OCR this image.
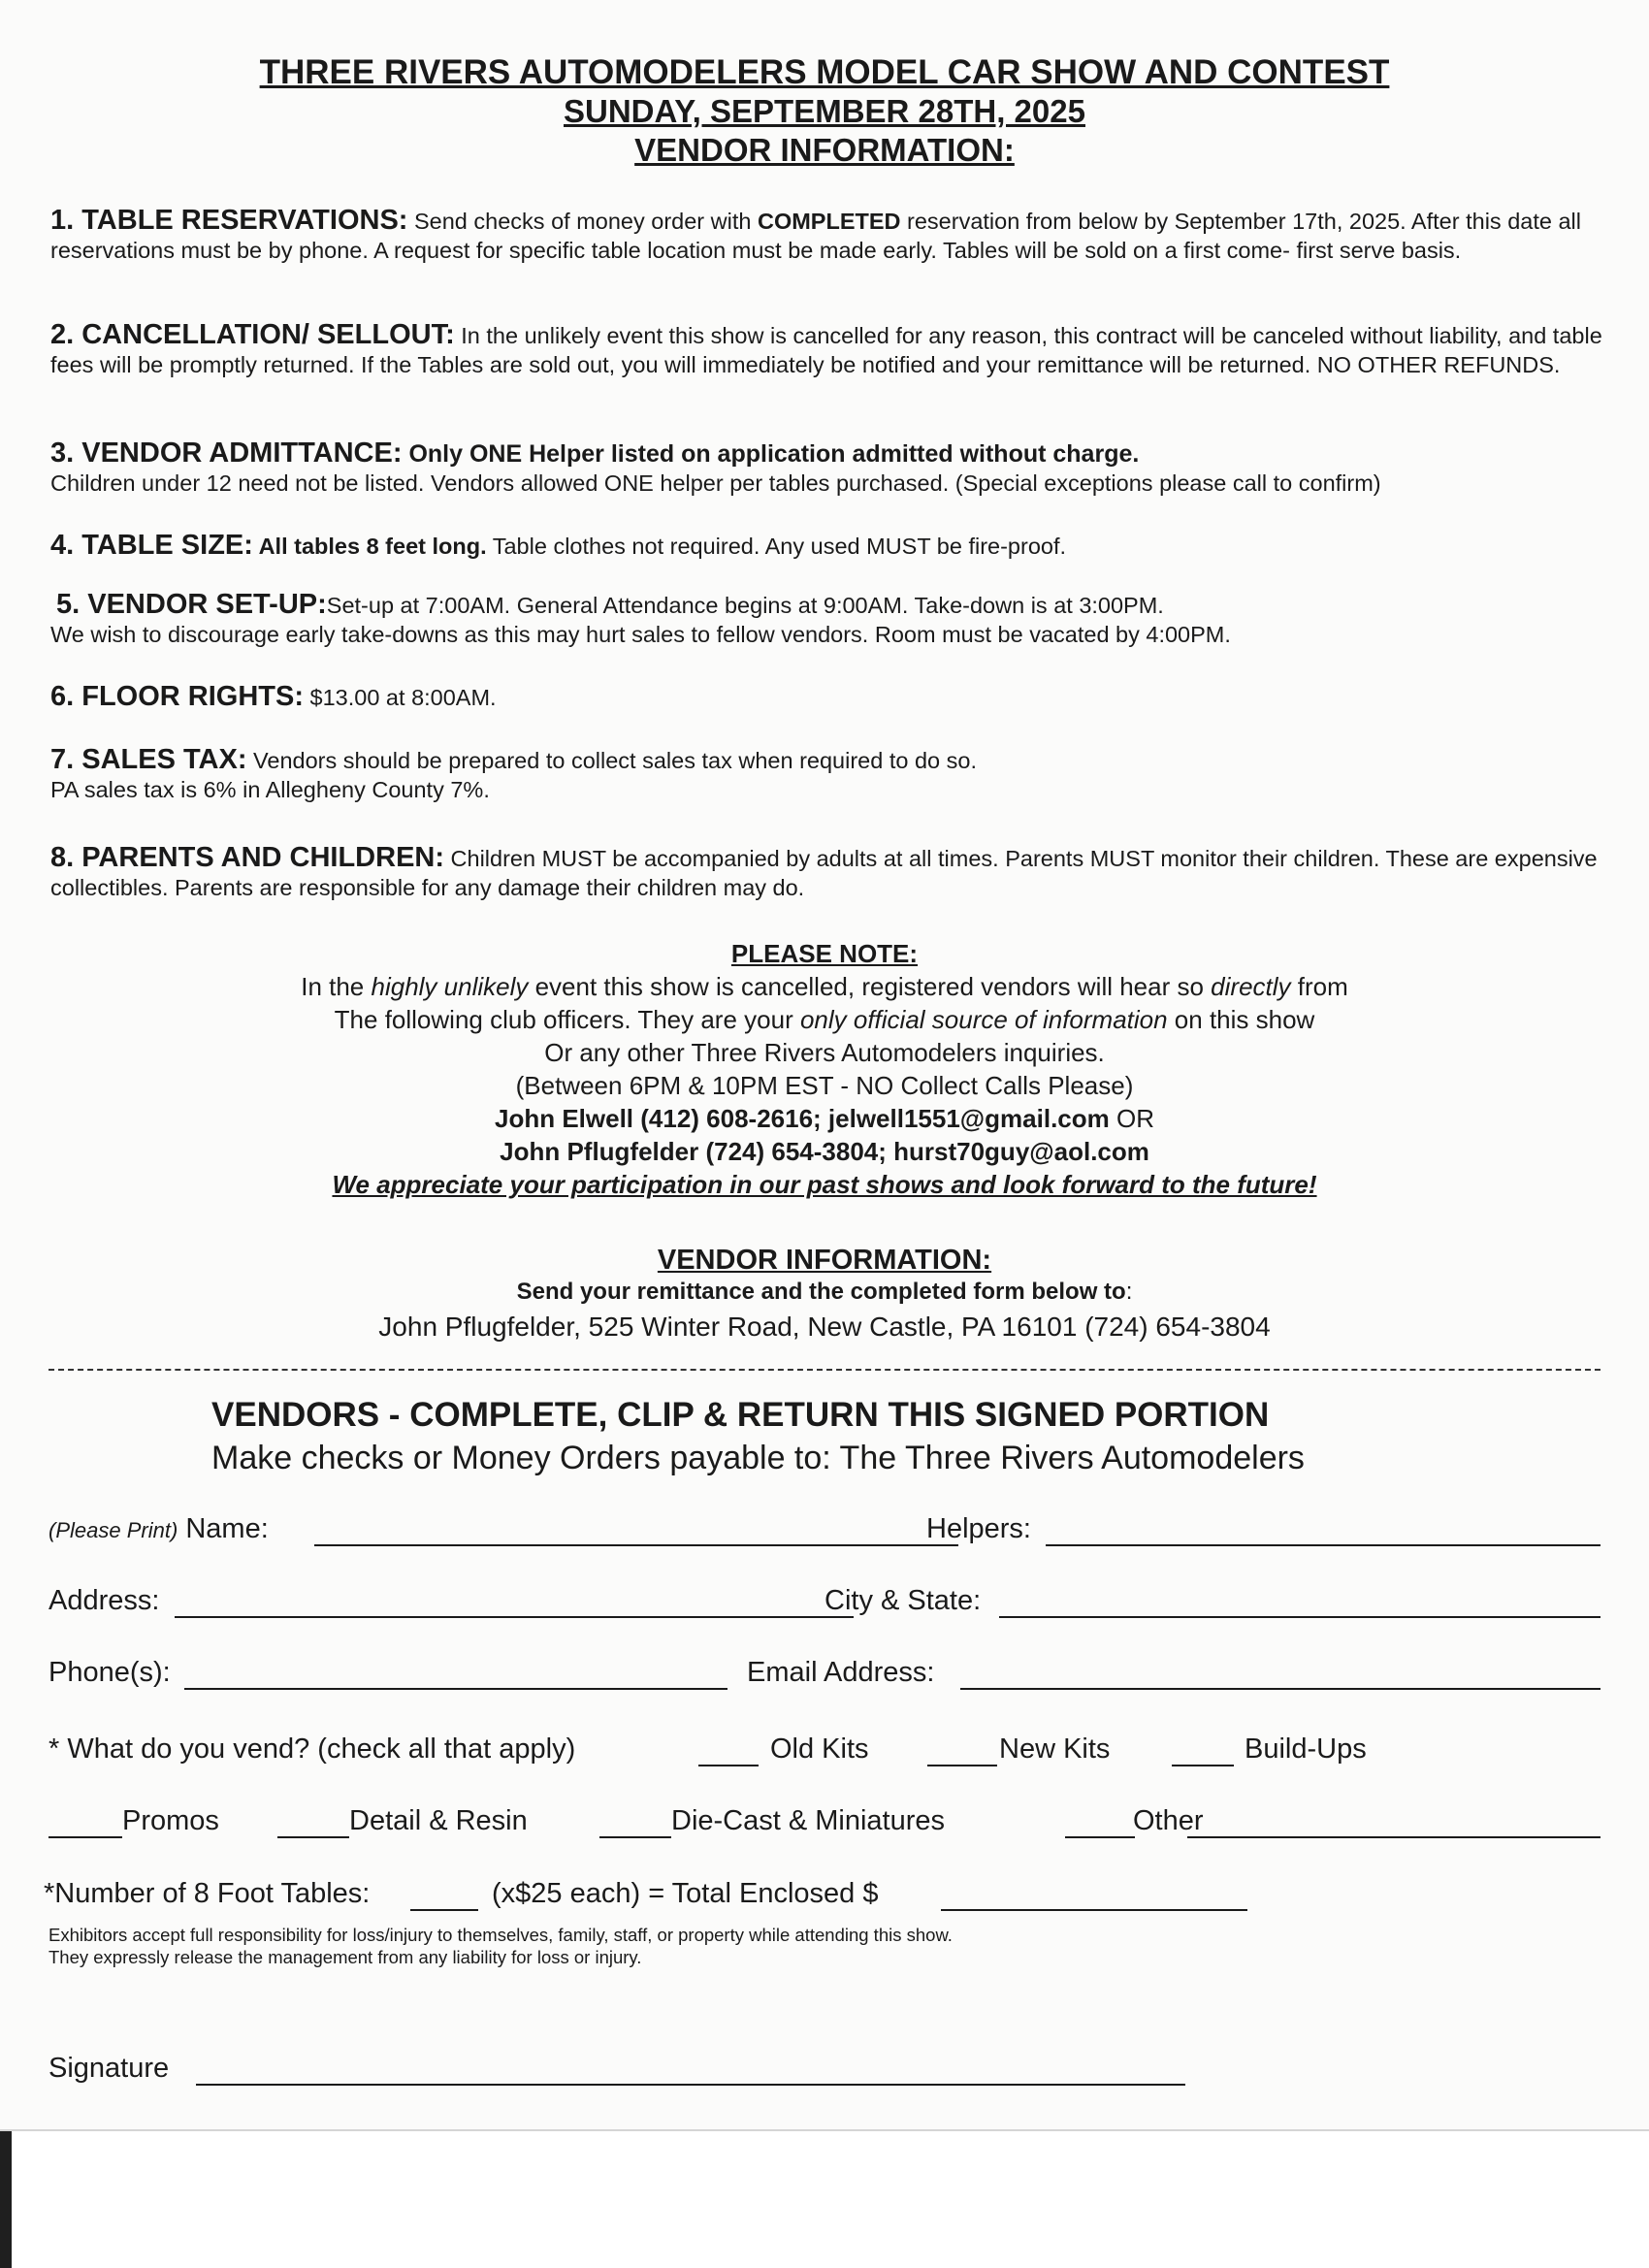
THREE RIVERS AUTOMODELERS MODEL CAR SHOW AND CONTEST
SUNDAY, SEPTEMBER 28TH, 2025
VENDOR INFORMATION:
1. TABLE RESERVATIONS: Send checks of money order with COMPLETED reservation from below by September 17th, 2025. After this date all reservations must be by phone. A request for specific table location must be made early. Tables will be sold on a first come- first serve basis.
2. CANCELLATION/ SELLOUT: In the unlikely event this show is cancelled for any reason, this contract will be canceled without liability, and table fees will be promptly returned. If the Tables are sold out, you will immediately be notified and your remittance will be returned. NO OTHER REFUNDS.
3. VENDOR ADMITTANCE: Only ONE Helper listed on application admitted without charge.
Children under 12 need not be listed. Vendors allowed ONE helper per tables purchased. (Special exceptions please call to confirm)
4. TABLE SIZE: All tables 8 feet long. Table clothes not required. Any used MUST be fire-proof.
5. VENDOR SET-UP:Set-up at 7:00AM. General Attendance begins at 9:00AM. Take-down is at 3:00PM.
We wish to discourage early take-downs as this may hurt sales to fellow vendors. Room must be vacated by 4:00PM.
6. FLOOR RIGHTS: $13.00 at 8:00AM.
7. SALES TAX: Vendors should be prepared to collect sales tax when required to do so.
PA sales tax is 6% in Allegheny County 7%.
8. PARENTS AND CHILDREN: Children MUST be accompanied by adults at all times. Parents MUST monitor their children. These are expensive collectibles. Parents are responsible for any damage their children may do.
PLEASE NOTE:
In the highly unlikely event this show is cancelled, registered vendors will hear so directly from
The following club officers. They are your only official source of information on this show
Or any other Three Rivers Automodelers inquiries.
(Between 6PM & 10PM EST - NO Collect Calls Please)
John Elwell (412) 608-2616; jelwell1551@gmail.com OR
John Pflugfelder (724) 654-3804; hurst70guy@aol.com
We appreciate your participation in our past shows and look forward to the future!
VENDOR INFORMATION:
Send your remittance and the completed form below to:
John Pflugfelder, 525 Winter Road, New Castle, PA 16101 (724) 654-3804
VENDORS - COMPLETE, CLIP & RETURN THIS SIGNED PORTION
Make checks or Money Orders payable to: The Three Rivers Automodelers
(Please Print) Name:	Helpers:
Address:	City & State:
Phone(s):	Email Address:
* What do you vend? (check all that apply)	Old Kits	New Kits	Build-Ups
Promos	Detail & Resin	Die-Cast & Miniatures	Other
*Number of 8 Foot Tables:	(x$25 each) = Total Enclosed $
Exhibitors accept full responsibility for loss/injury to themselves, family, staff, or property while attending this show.
They expressly release the management from any liability for loss or injury.
Signature
